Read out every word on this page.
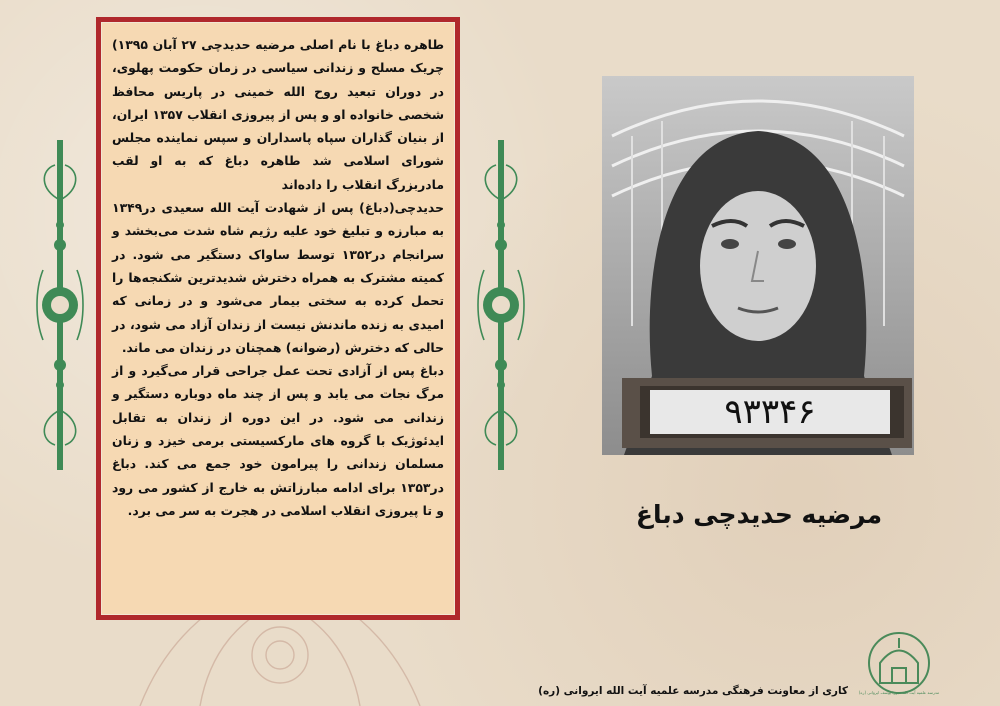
طاهره دباغ با نام اصلی مرضیه حدیدچی ۲۷ آبان ۱۳۹۵) چریک مسلح و زندانی سیاسی در زمان حکومت پهلوی، در دوران تبعید روح الله خمینی در پاریس محافظ شخصی خانواده او و پس از پیروزی انقلاب ۱۳۵۷ ایران، از بنیان گذاران سپاه پاسداران و سپس نماینده مجلس شورای اسلامی شد طاهره دباغ که به او لقب مادربزرگ انقلاب را داده‌اند

حدیدچی(دباغ) پس از شهادت آیت الله سعیدی در۱۳۴۹ به مبارزه و تبلیغ خود علیه رژیم شاه شدت می‌بخشد و سرانجام در۱۳۵۲ توسط ساواک دستگیر می شود. در کمیته مشترک به همراه دخترش شدیدترین شکنجه‌ها را تحمل کرده به سختی بیمار می‌شود و در زمانی که امیدی به زنده ماندنش نیست از زندان آزاد می شود، در حالی که دخترش (رضوانه) همچنان در زندان می ماند.

دباغ پس از آزادی تحت عمل جراحی قرار می‌گیرد و از مرگ نجات می یابد و پس از چند ماه دوباره دستگیر و زندانی می شود. در این دوره از زندان به تقابل ایدئوژیک با گروه های مارکسیستی برمی خیزد و زنان مسلمان زندانی را پیرامون خود جمع می کند. دباغ در۱۳۵۳ برای ادامه مبارزاتش به خارج از کشور می رود و تا پیروزی انقلاب اسلامی در هجرت به سر می برد.

۹۳۳۴۶
مرضیه حدیدچی دباغ
مدرسه علمیه آیت الله میرزا یوسف ایروانی (ره)
کاری از معاونت فرهنگی مدرسه علمیه آیت الله ایروانی (ره)
